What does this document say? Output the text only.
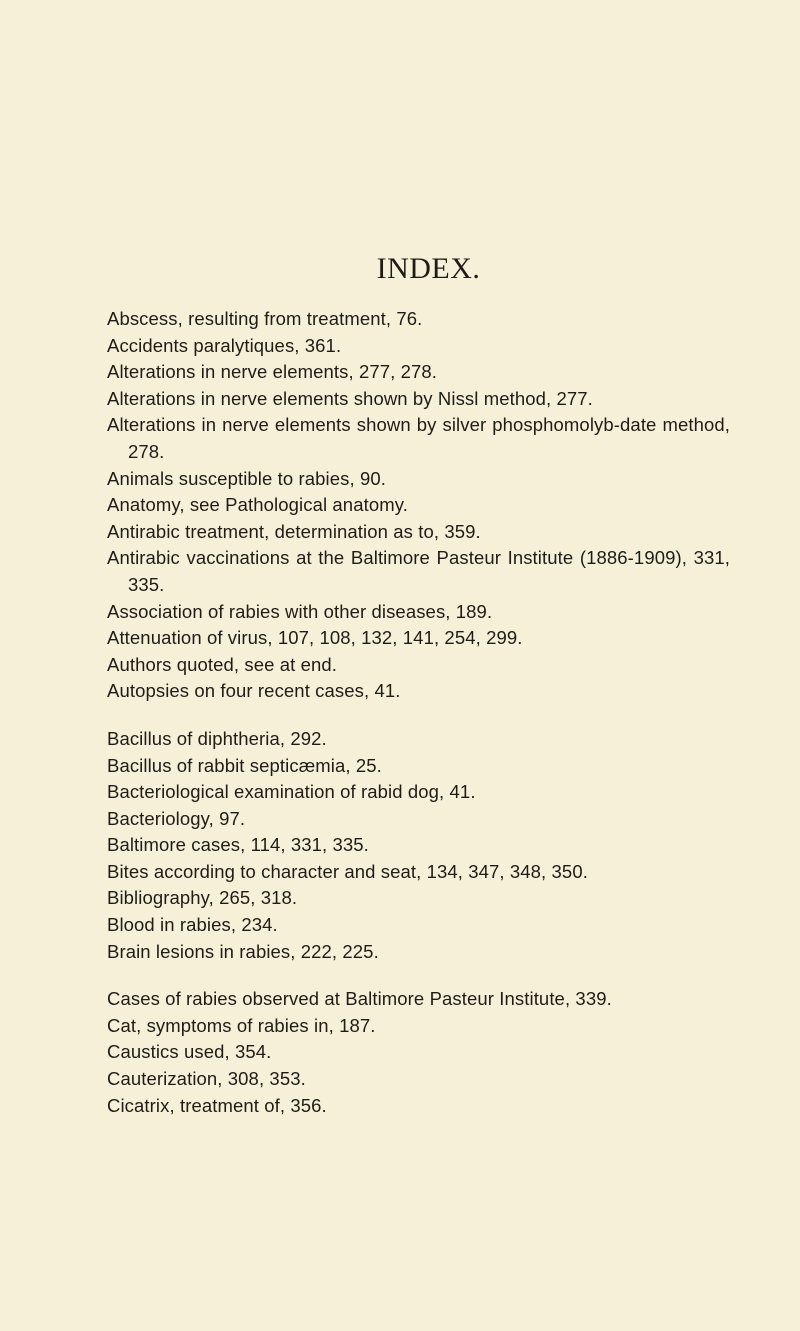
INDEX.
Abscess, resulting from treatment, 76.
Accidents paralytiques, 361.
Alterations in nerve elements, 277, 278.
Alterations in nerve elements shown by Nissl method, 277.
Alterations in nerve elements shown by silver phosphomolyb-date method, 278.
Animals susceptible to rabies, 90.
Anatomy, see Pathological anatomy.
Antirabic treatment, determination as to, 359.
Antirabic vaccinations at the Baltimore Pasteur Institute (1886-1909), 331, 335.
Association of rabies with other diseases, 189.
Attenuation of virus, 107, 108, 132, 141, 254, 299.
Authors quoted, see at end.
Autopsies on four recent cases, 41.
Bacillus of diphtheria, 292.
Bacillus of rabbit septicæmia, 25.
Bacteriological examination of rabid dog, 41.
Bacteriology, 97.
Baltimore cases, 114, 331, 335.
Bites according to character and seat, 134, 347, 348, 350.
Bibliography, 265, 318.
Blood in rabies, 234.
Brain lesions in rabies, 222, 225.
Cases of rabies observed at Baltimore Pasteur Institute, 339.
Cat, symptoms of rabies in, 187.
Caustics used, 354.
Cauterization, 308, 353.
Cicatrix, treatment of, 356.
